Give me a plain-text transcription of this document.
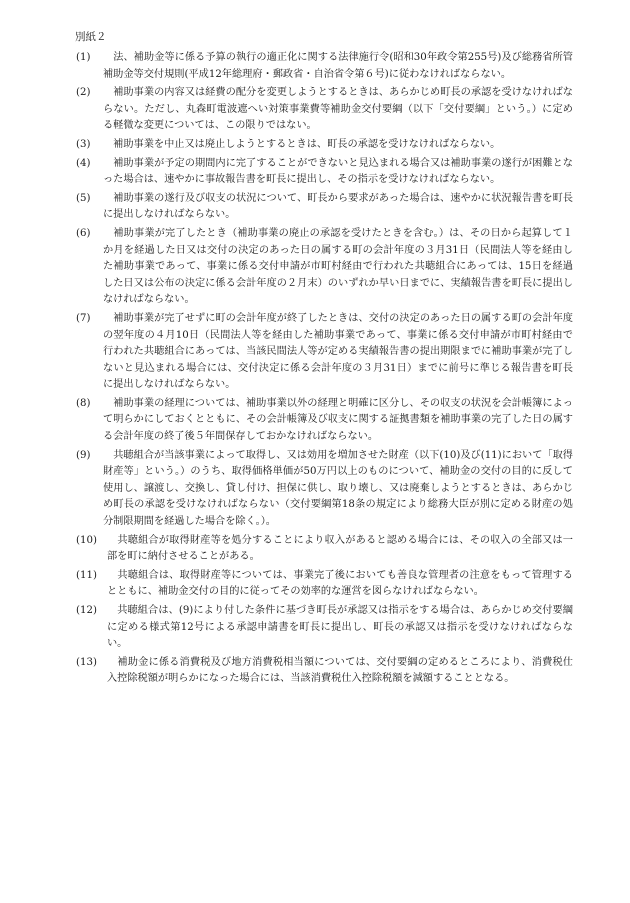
別紙２
(1)	　法、補助金等に係る予算の執行の適正化に関する法律施行令(昭和30年政令第255号)及び総務省所管補助金等交付規則(平成12年総理府・郵政省・自治省令第６号)に従わなければならない。
(2)	　補助事業の内容又は経費の配分を変更しようとするときは、あらかじめ町長の承認を受けなければならない。ただし、丸森町電波遮へい対策事業費等補助金交付要綱（以下「交付要綱」という。）に定める軽微な変更については、この限りではない。
(3)	　補助事業を中止又は廃止しようとするときは、町長の承認を受けなければならない。
(4)	　補助事業が予定の期間内に完了することができないと見込まれる場合又は補助事業の遂行が困難となった場合は、速やかに事故報告書を町長に提出し、その指示を受けなければならない。
(5)	　補助事業の遂行及び収支の状況について、町長から要求があった場合は、速やかに状況報告書を町長に提出しなければならない。
(6)	　補助事業が完了したとき（補助事業の廃止の承認を受けたときを含む。）は、その日から起算して１か月を経過した日又は交付の決定のあった日の属する町の会計年度の３月31日（民間法人等を経由した補助事業であって、事業に係る交付申請が市町村経由で行われた共聴組合にあっては、15日を経過した日又は公布の決定に係る会計年度の２月末）のいずれか早い日までに、実績報告書を町長に提出しなければならない。
(7)	　補助事業が完了せずに町の会計年度が終了したときは、交付の決定のあった日の属する町の会計年度の翌年度の４月10日（民間法人等を経由した補助事業であって、事業に係る交付申請が市町村経由で行われた共聴組合にあっては、当該民間法人等が定める実績報告書の提出期限までに補助事業が完了しないと見込まれる場合には、交付決定に係る会計年度の３月31日）までに前号に準じる報告書を町長に提出しなければならない。
(8)	　補助事業の経理については、補助事業以外の経理と明確に区分し、その収支の状況を会計帳簿によって明らかにしておくとともに、その会計帳簿及び収支に関する証拠書類を補助事業の完了した日の属する会計年度の終了後５年間保存しておかなければならない。
(9)	　共聴組合が当該事業によって取得し、又は効用を増加させた財産（以下(10)及び(11)において「取得財産等」という。）のうち、取得価格単価が50万円以上のものについて、補助金の交付の目的に反して使用し、譲渡し、交換し、貸し付け、担保に供し、取り壊し、又は廃棄しようとするときは、あらかじめ町長の承認を受けなければならない（交付要綱第18条の規定により総務大臣が別に定める財産の処分制限期間を経過した場合を除く。）。
(10) 　共聴組合が取得財産等を処分することにより収入があると認める場合には、その収入の全部又は一部を町に納付させることがある。
(11) 　共聴組合は、取得財産等については、事業完了後においても善良な管理者の注意をもって管理するとともに、補助金交付の目的に従ってその効率的な運営を図らなければならない。
(12) 　共聴組合は、(9)により付した条件に基づき町長が承認又は指示をする場合は、あらかじめ交付要綱に定める様式第12号による承認申請書を町長に提出し、町長の承認又は指示を受けなければならない。
(13) 　補助金に係る消費税及び地方消費税相当額については、交付要綱の定めるところにより、消費税仕入控除税額が明らかになった場合には、当該消費税仕入控除税額を減額することとなる。
